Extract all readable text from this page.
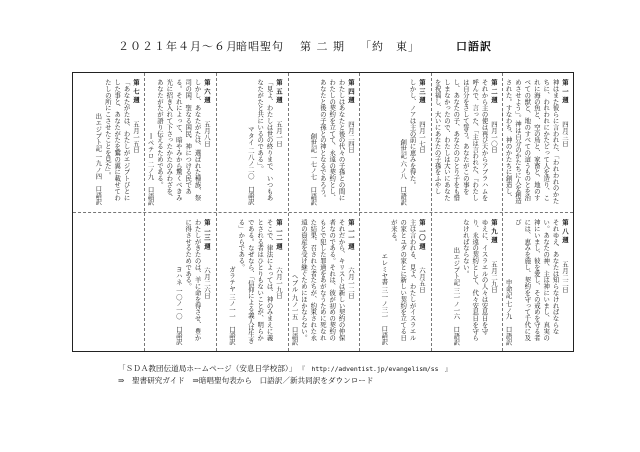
２０２１年４月～６月
暗唱聖句 第 二 期 「約　東」	口語訳
第 一 週四月三日
神はまた彼らに言われた、「われわれのかたちに、われわれにかたどって人を造り、これに海の魚と、空の鳥と、家畜と、地のすべての獣と、地のすべての這うものとを治めさせよう」。神は自分のかたちに人を創造された。すなわち、神のかたちに創造し、
第 二 週四月一〇日
それから主の使は再び天からアブラハムを呼んで、言った、「主は言われた、『わたしは自分をさして誓う。あなたがこの事をし、あなたの子、あなたのひとり子をも惜しまなかったので、わたしは大いにあなたを祝福し、大いにあなたの子孫をふやし
第 三 週四月一七日
しかし、ノアは主の前に恵みを得た。
創世記 六ノ八　口語訳
第 四 週四月二四日
わたしはあなたと後の代々の子孫との間にわたしの契約を立てて、永遠の契約とし、あなたと後の子孫との神となるであろう。
創世記 一七ノ七　口語訳
第 五 週五月一日
「見よ、わたしは世の終りまで、いつもあなたがたと共にいるのである」。
マタイ 二八ノ二〇　口語訳
第 六 週五月八日
しかし、あなたがたは、選ばれた種族、祭司の国、聖なる国民、神につける民である。それによって、暗やみから驚くべきみ光に招き入れて下さったかたのみわざを、あなたがたが語り伝えるためである。
Ｉペテロ 二ノ九　口語訳
第 七 週五月一五日
「あなたがたは、わたしがエジプトびとにした事と、あなたがたを鷲の翼に載せてわたしの所にこさせたことを見た」。
出エジプト記 一九ノ四　口語訳
第 八 週五月二二日
それゆえ、あなたは知らなければならない。あなたの神、主は神にいまし、真実の神にいまし、彼を愛し、その戒めを守る者には、恵みを施し、契約を守って千代に及び
申命記 七ノ九　口語訳
第 九 週五月二九日
ゆえに、イスラエルの人々は安息日を守り、永遠の契約として、代々安息日を守らなければならない。
出エジプト記 三一ノ一六　口語訳
第 一〇 週六月五日
主は言われる、見よ、わたしがイスラエルの家とユダの家とに新しい契約を立てる日が来る。
エレミヤ書 三一ノ三一　口語訳
第 一一 週六月一二日
それだから、キリストは新しい契約の仲保者なのである。それは、彼が初めの契約のもとで犯した罪過をあがなうために死なれた結果、召された者たちが、約束された永遠の資産を受け継ぐためにほかならない。
ヘブル 九ノ一五　口語訳
第 一二 週六月一九日
そこで、律法によっては、神のみまえに義とされる者はひとりもないことが、明らかである。なぜなら、「信仰による義人は生きる」からである。
ガラテヤ 三ノ一一　口語訳
第 一三 週六月二六日
わたしがきたのは、羊に命を得させ、豊かに得させるためである。
ヨハネ 一〇ノ一〇　口語訳
「ＳＤＡ教団伝道局ホームページ（安息日学校部）」 『　http://adventist.jp/evangelism/ss　』
⇒　聖書研究ガイド　⇒暗唱聖句表から　口語訳／新共同訳をダウンロード
